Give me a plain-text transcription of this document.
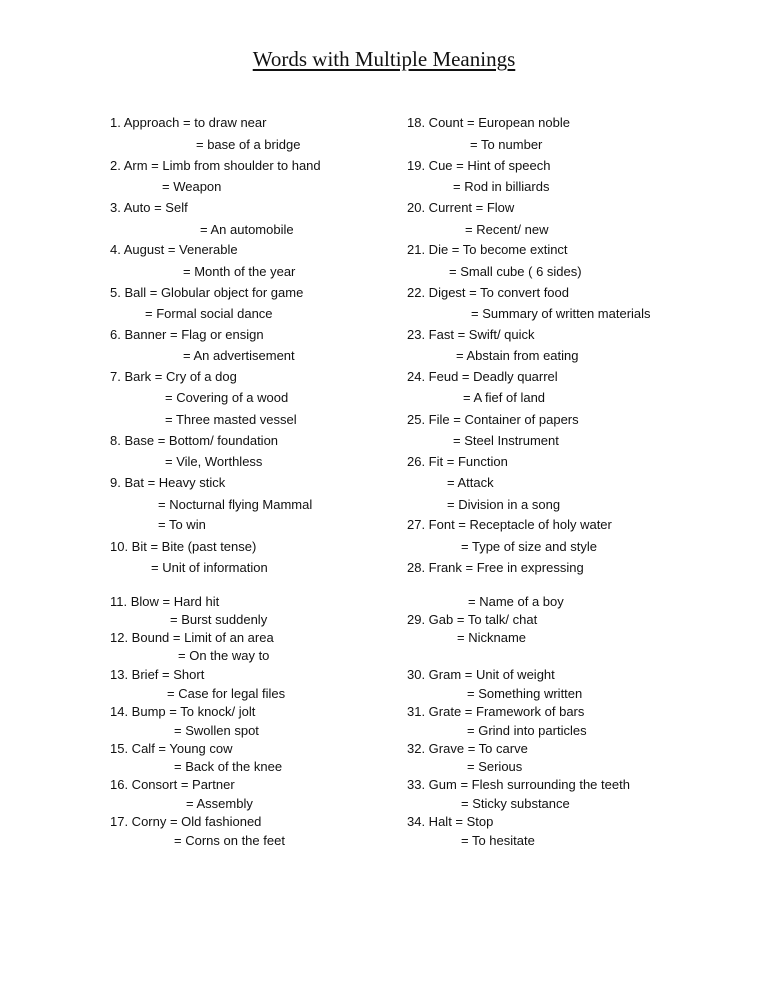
Words with Multiple Meanings
1. Approach = to draw near
= base of a bridge
2. Arm = Limb from shoulder to hand
= Weapon
3. Auto = Self
= An automobile
4. August = Venerable
= Month of the year
5. Ball = Globular object for game
= Formal social dance
6. Banner = Flag or ensign
= An advertisement
7. Bark = Cry of a dog
= Covering of a wood
= Three masted vessel
8. Base = Bottom/ foundation
= Vile, Worthless
9. Bat = Heavy stick
= Nocturnal flying Mammal
= To win
10. Bit = Bite (past tense)
= Unit of information
11. Blow = Hard hit
= Burst suddenly
12. Bound = Limit of an area
= On the way to
13. Brief = Short
= Case for legal files
14. Bump = To knock/ jolt
= Swollen spot
15. Calf = Young cow
= Back of the knee
16. Consort = Partner
= Assembly
17. Corny = Old fashioned
= Corns on the feet
18. Count = European noble
= To number
19. Cue = Hint of speech
= Rod in billiards
20. Current = Flow
= Recent/ new
21. Die = To become extinct
= Small cube ( 6 sides)
22. Digest = To convert food
= Summary of written materials
23. Fast = Swift/ quick
= Abstain from eating
24. Feud = Deadly quarrel
= A fief of land
25. File = Container of papers
= Steel Instrument
26. Fit = Function
= Attack
= Division in a song
27. Font = Receptacle of holy water
= Type of size and style
28. Frank = Free in expressing
= Name of a boy
29. Gab = To talk/ chat
= Nickname
30. Gram = Unit of weight
= Something written
31. Grate = Framework of bars
= Grind into particles
32. Grave = To carve
= Serious
33. Gum = Flesh surrounding the teeth
= Sticky substance
34. Halt = Stop
= To hesitate
